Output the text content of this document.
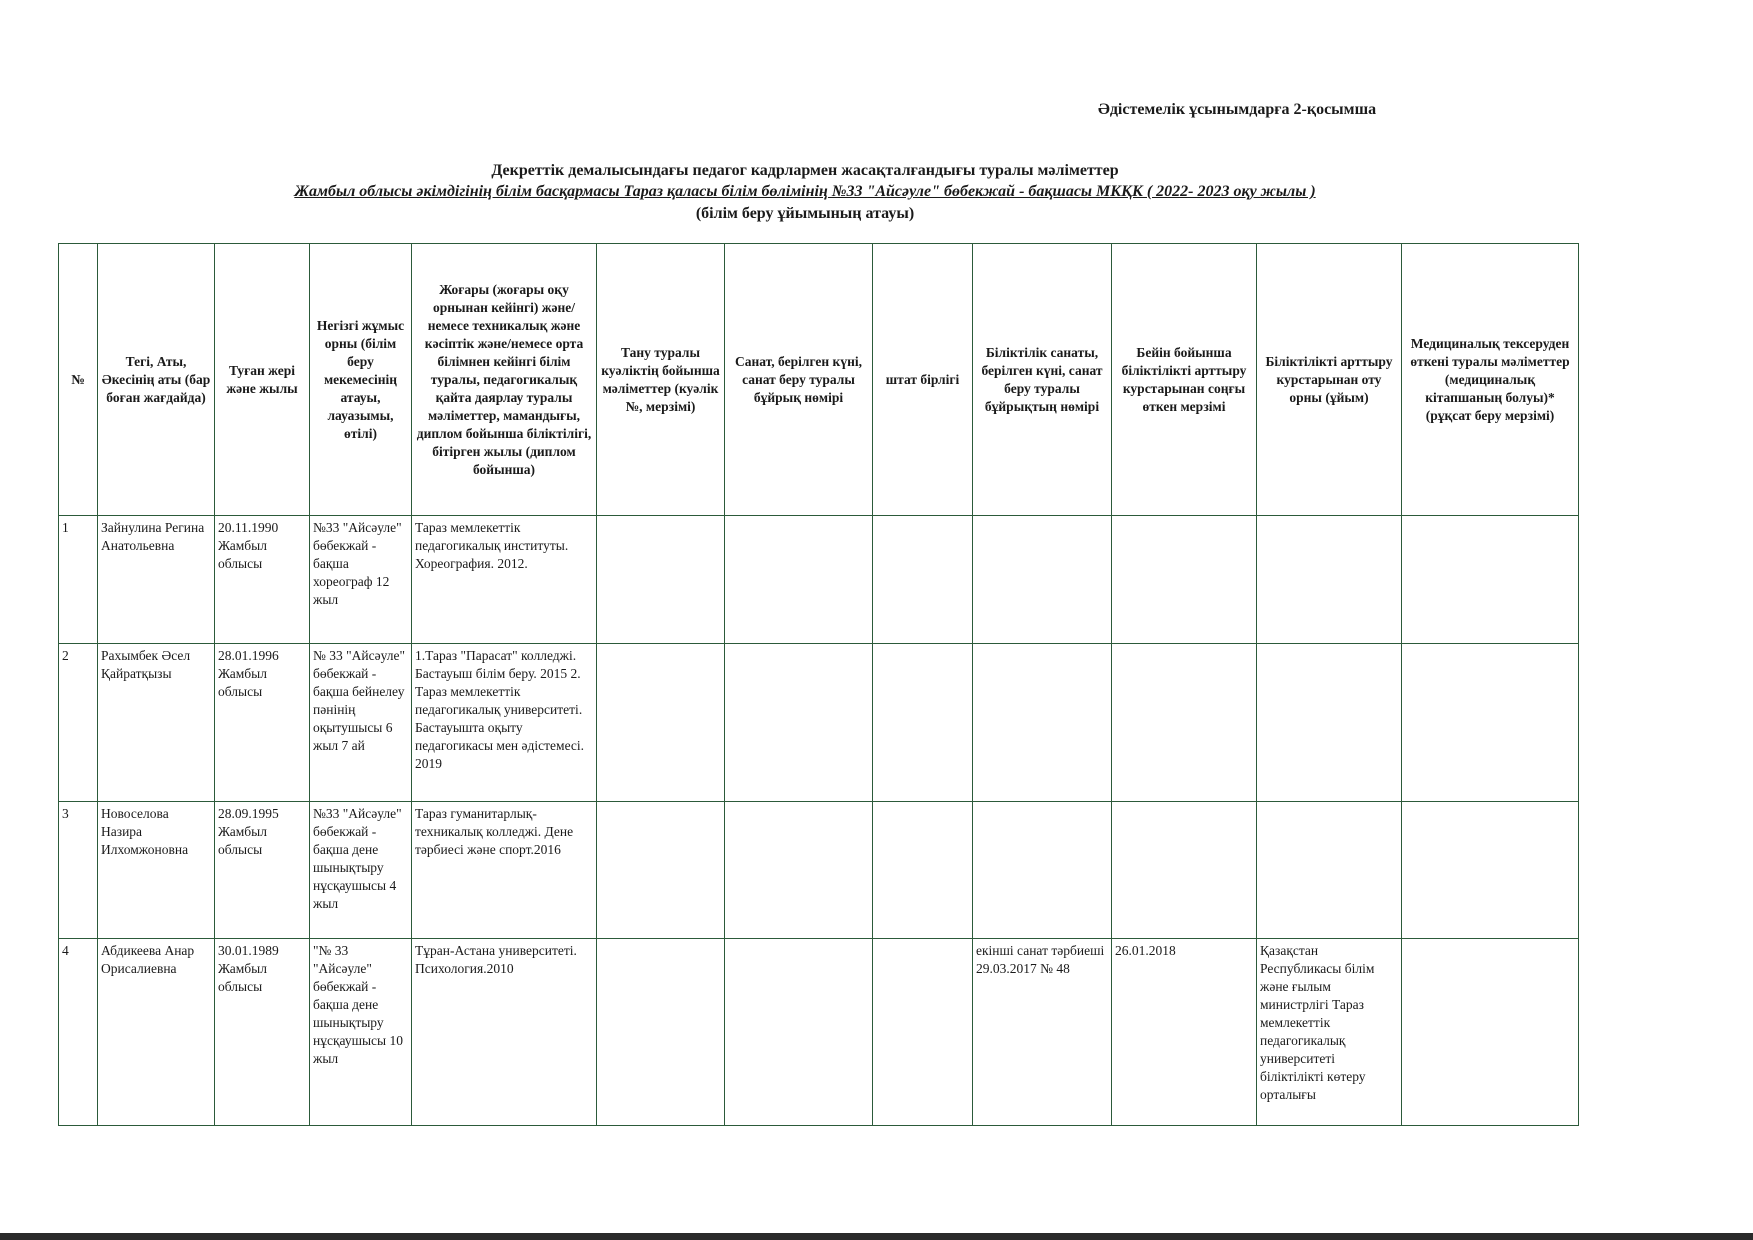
Әдістемелік ұсынымдарға 2-қосымша
Декреттік демалысындағы педагог кадрлармен жасақталғандығы туралы мәліметтер
Жамбыл облысы әкімдігінің білім басқармасы Тараз қаласы білім бөлімінің №33 "Айсәуле" бөбекжай - бақшасы МКҚК ( 2022- 2023 оқу жылы )
(білім беру ұйымының атауы)
№	Тегі, Аты, Әкесінің аты (бар боған жағдайда)	Туған жері және жылы	Негізгі жұмыс орны (білім беру мекемесінің атауы, лауазымы, өтілі)	Жоғары (жоғары оқу орнынан кейінгі) және/немесе техникалық және кәсіптік және/немесе орта білімнен кейінгі білім туралы, педагогикалық қайта даярлау туралы мәліметтер, мамандығы, диплом бойынша біліктілігі, бітірген жылы (диплом бойынша)	Тану туралы куәліктің бойынша мәліметтер (куәлік №, мерзімі)	Санат, берілген күні, санат беру туралы бұйрық нөмірі	штат бірлігі	Біліктілік санаты, берілген күні, санат беру туралы бұйрықтың нөмірі	Бейін бойынша біліктілікті арттыру курстарынан соңғы өткен мерзімі	Біліктілікті арттыру курстарынан оту орны (ұйым)	Медициналық тексеруден өткені туралы мәліметтер (медициналық кітапшаның болуы)* (рұқсат беру мерзімі)
1	Зайнулина Регина Анатольевна	20.11.1990 Жамбыл облысы	№33 "Айсәуле" бөбекжай - бақша хореограф 12 жыл	Тараз мемлекеттік педагогикалық институты. Хореография. 2012.							
2	Рахымбек Әсел Қайратқызы	28.01.1996 Жамбыл облысы	№ 33 "Айсәуле" бөбекжай - бақша бейнелеу пәнінің оқытушысы 6 жыл 7 ай	1.Тараз "Парасат" колледжі. Бастауыш білім беру. 2015 2. Тараз мемлекеттік педагогикалық университеті. Бастауышта оқыту педагогикасы мен әдістемесі. 2019							
3	Новоселова Назира Илхомжоновна	28.09.1995 Жамбыл облысы	№33 "Айсәуле" бөбекжай - бақша дене шынықтыру нұсқаушысы 4 жыл	Тараз гуманитарлық-техникалық колледжі. Дене тәрбиесі және спорт.2016							
4	Абдикеева Анар Орисалиевна	30.01.1989 Жамбыл облысы	"№ 33 "Айсәуле" бөбекжай - бақша дене шынықтыру нұсқаушысы 10 жыл	Тұран-Астана университеті. Психология.2010				екінші санат тәрбиеші 29.03.2017 № 48	26.01.2018	Қазақстан Республикасы білім және ғылым министрлігі Тараз мемлекеттік педагогикалық университеті біліктілікті көтеру орталығы	
